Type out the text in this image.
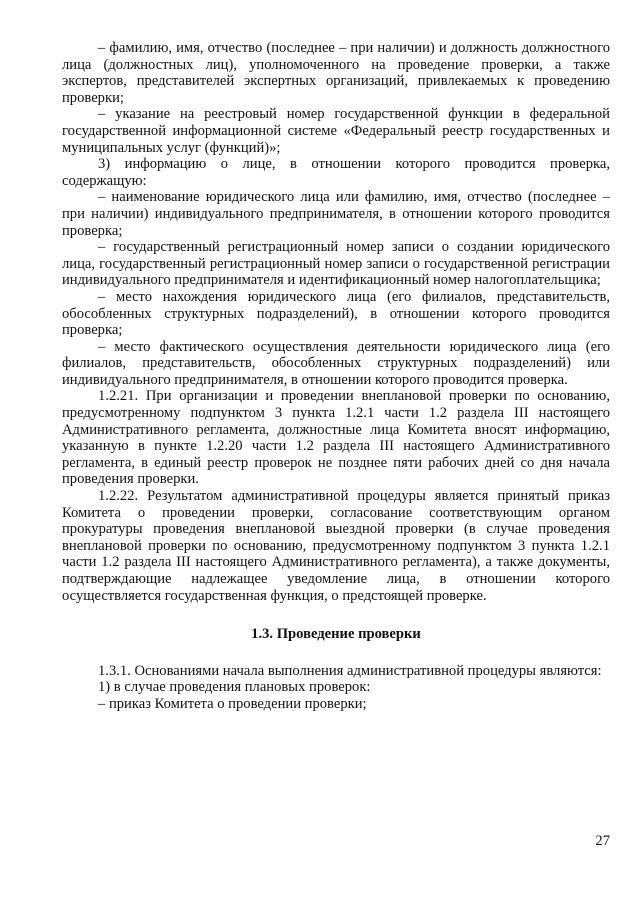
– фамилию, имя, отчество (последнее – при наличии) и должность должностного лица (должностных лиц), уполномоченного на проведение проверки, а также экспертов, представителей экспертных организаций, привлекаемых к проведению проверки;

– указание на реестровый номер государственной функции в федеральной государственной информационной системе «Федеральный реестр государственных и муниципальных услуг (функций)»;

3) информацию о лице, в отношении которого проводится проверка, содержащую:

– наименование юридического лица или фамилию, имя, отчество (последнее – при наличии) индивидуального предпринимателя, в отношении которого проводится проверка;

– государственный регистрационный номер записи о создании юридического лица, государственный регистрационный номер записи о государственной регистрации индивидуального предпринимателя и идентификационный номер налогоплательщика;

– место нахождения юридического лица (его филиалов, представительств, обособленных структурных подразделений), в отношении которого проводится проверка;

– место фактического осуществления деятельности юридического лица (его филиалов, представительств, обособленных структурных подразделений) или индивидуального предпринимателя, в отношении которого проводится проверка.

1.2.21. При организации и проведении внеплановой проверки по основанию, предусмотренному подпунктом 3 пункта 1.2.1 части 1.2 раздела III настоящего Административного регламента, должностные лица Комитета вносят информацию, указанную в пункте 1.2.20 части 1.2 раздела III настоящего Административного регламента, в единый реестр проверок не позднее пяти рабочих дней со дня начала проведения проверки.

1.2.22. Результатом административной процедуры является принятый приказ Комитета о проведении проверки, согласование соответствующим органом прокуратуры проведения внеплановой выездной проверки (в случае проведения внеплановой проверки по основанию, предусмотренному подпунктом 3 пункта 1.2.1 части 1.2 раздела III настоящего Административного регламента), а также документы, подтверждающие надлежащее уведомление лица, в отношении которого осуществляется государственная функция, о предстоящей проверке.

1.3. Проведение проверки

1.3.1. Основаниями начала выполнения административной процедуры являются:

1) в случае проведения плановых проверок:

– приказ Комитета о проведении проверки;

27
